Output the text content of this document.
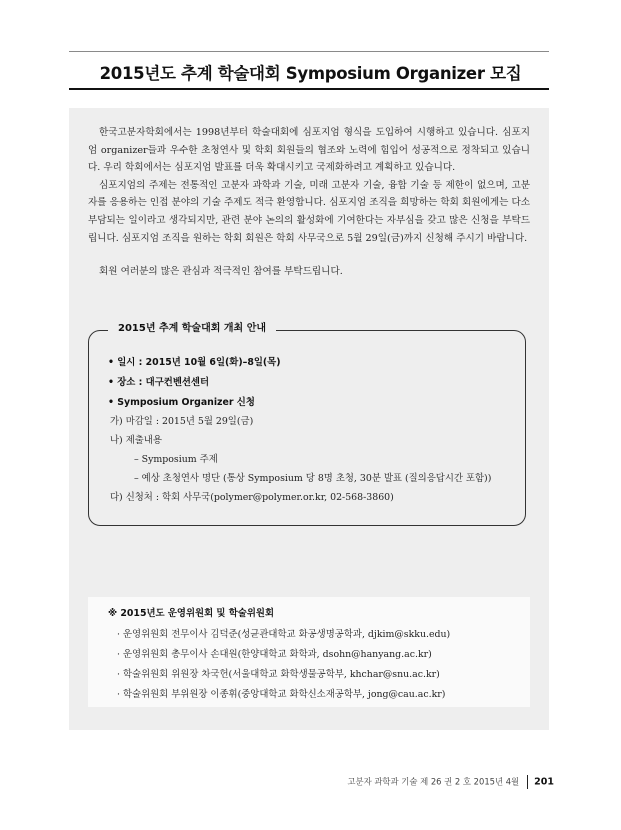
2015년도 추계 학술대회 Symposium Organizer 모집

한국고분자학회에서는 1998년부터 학술대회에 심포지엄 형식을 도입하여 시행하고 있습니다. 심포지엄 organizer들과 우수한 초청연사 및 학회 회원들의 협조와 노력에 힘입어 성공적으로 정착되고 있습니다. 우리 학회에서는 심포지엄 발표를 더욱 확대시키고 국제화하려고 계획하고 있습니다.

심포지엄의 주제는 전통적인 고분자 과학과 기술, 미래 고분자 기술, 융합 기술 등 제한이 없으며, 고분자를 응용하는 인접 분야의 기술 주제도 적극 환영합니다. 심포지엄 조직을 희망하는 학회 회원에게는 다소 부담되는 일이라고 생각되지만, 관련 분야 논의의 활성화에 기여한다는 자부심을 갖고 많은 신청을 부탁드립니다. 심포지엄 조직을 원하는 학회 회원은 학회 사무국으로 5월 29일(금)까지 신청해 주시기 바랍니다.

회원 여러분의 많은 관심과 적극적인 참여를 부탁드립니다.

2015년 추계 학술대회 개최 안내
• 일시 : 2015년 10월 6일(화)–8일(목)
• 장소 : 대구컨벤션센터
• Symposium Organizer 신청
가) 마감일 : 2015년 5월 29일(금)
나) 제출내용
– Symposium 주제
– 예상 초청연사 명단 (통상 Symposium 당 8명 초청, 30분 발표 (질의응답시간 포함))
다) 신청처 : 학회 사무국(polymer@polymer.or.kr, 02-568-3860)
※ 2015년도 운영위원회 및 학술위원회
· 운영위원회 전무이사 김덕준(성균관대학교 화공생명공학과, djkim@skku.edu)
· 운영위원회 총무이사 손대원(한양대학교 화학과, dsohn@hanyang.ac.kr)
· 학술위원회 위원장 차국헌(서울대학교 화학생물공학부, khchar@snu.ac.kr)
· 학술위원회 부위원장 이종휘(중앙대학교 화학신소재공학부, jong@cau.ac.kr)
고분자 과학과 기술 제 26 권 2 호 2015년 4월 201
